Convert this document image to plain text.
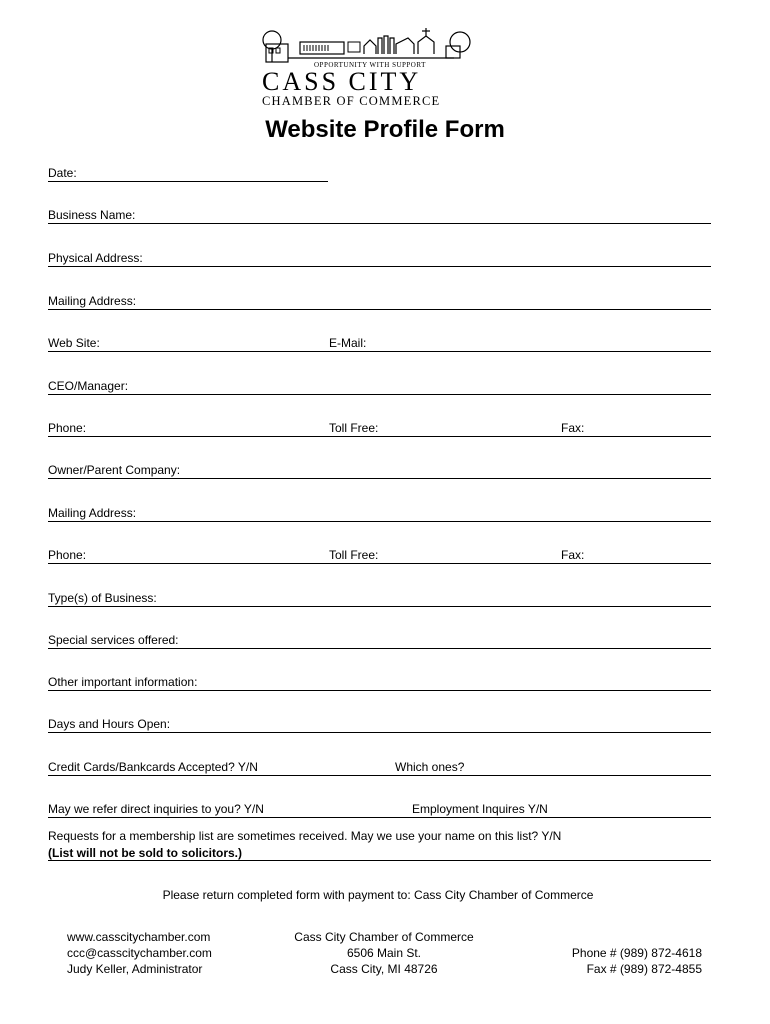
OPPORTUNITY WITH SUPPORT
CASS CITY
CHAMBER OF COMMERCE
Website Profile Form
Date:
Business Name:
Physical Address:
Mailing Address:
Web Site:	E-Mail:
CEO/Manager:
Phone:	Toll Free:	Fax:
Owner/Parent Company:
Mailing Address:
Phone:	Toll Free:	Fax:
Type(s) of Business:
Special services offered:
Other important information:
Days and Hours Open:
Credit Cards/Bankcards Accepted? Y/N	Which ones?
May we refer direct inquiries to you? Y/N	Employment Inquires Y/N
Requests for a membership list are sometimes received. May we use your name on this list? Y/N
(List will not be sold to solicitors.)
Please return completed form with payment to: Cass City Chamber of Commerce
www.casscitychamber.com
ccc@casscitychamber.com
Judy Keller, Administrator
Cass City Chamber of Commerce
6506 Main St.
Cass City, MI 48726
Phone # (989) 872-4618
Fax # (989) 872-4855
